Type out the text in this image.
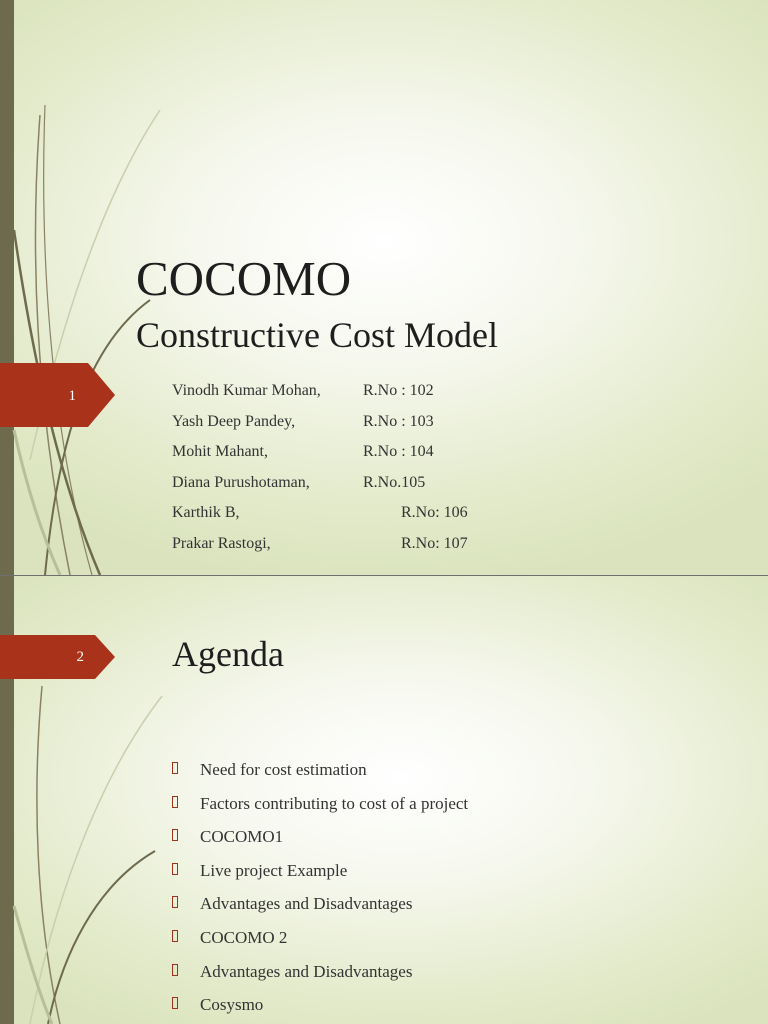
1
COCOMO
Constructive Cost Model
Vinodh Kumar Mohan,	R.No : 102
Yash Deep Pandey,	R.No : 103
Mohit Mahant,	R.No : 104
Diana Purushotaman,	R.No.105
Karthik B,	R.No: 106
Prakar Rastogi,	R.No: 107
2 Agenda
Need for cost estimation
Factors contributing to cost of a project
COCOMO1
Live project Example
Advantages and Disadvantages
COCOMO 2
Advantages and Disadvantages
Cosysmo
